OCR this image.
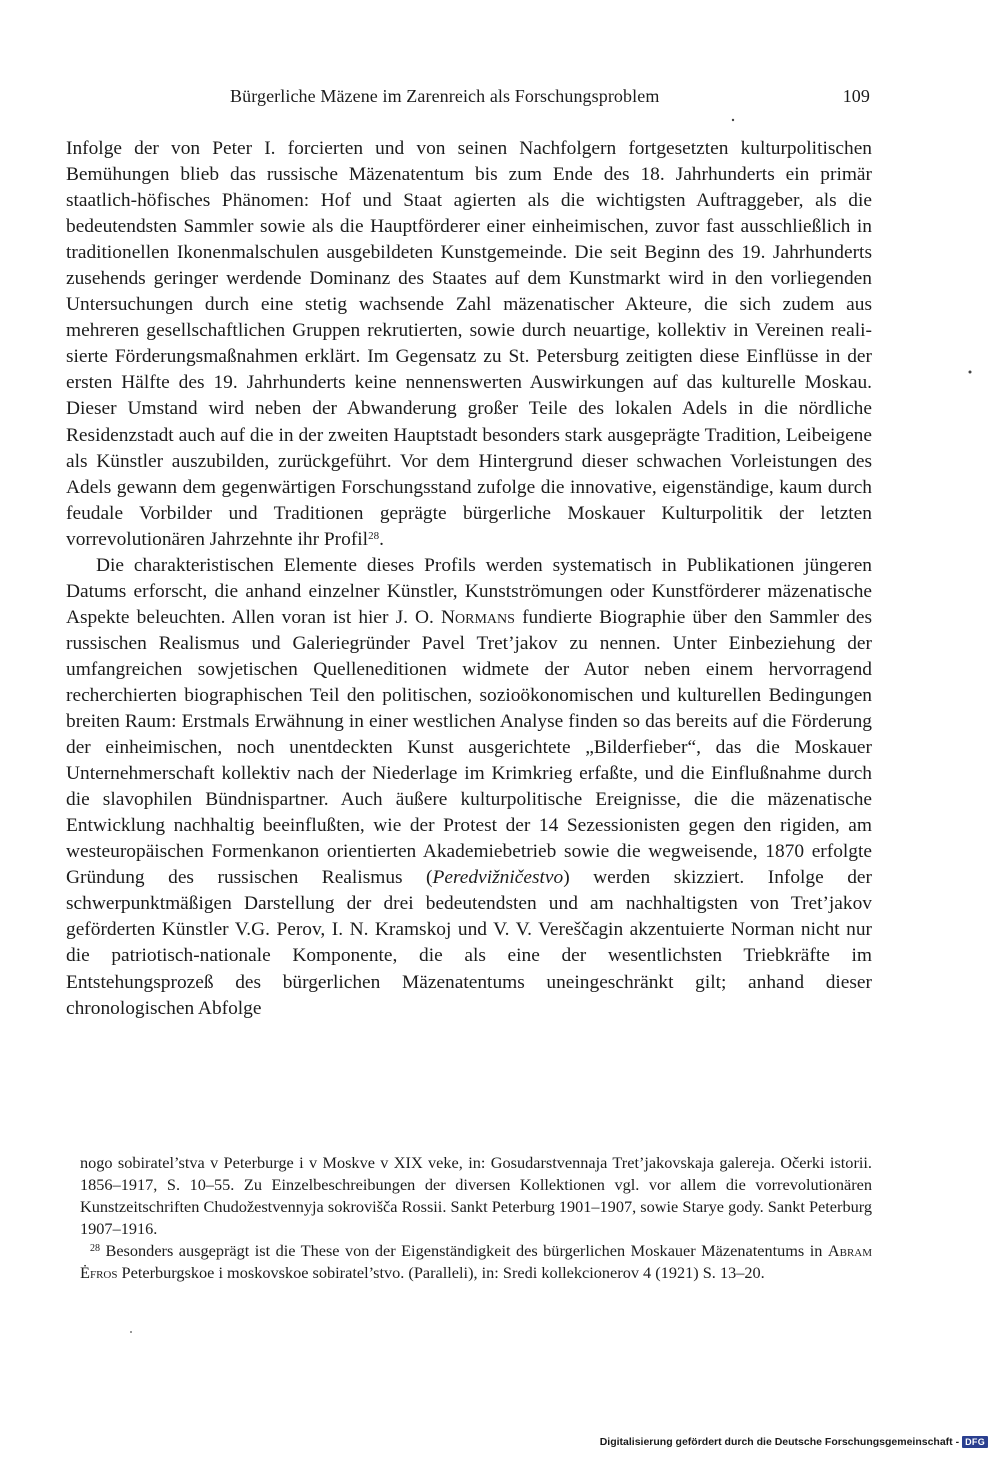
Bürgerliche Mäzene im Zarenreich als Forschungsproblem	109

Infolge der von Peter I. forcierten und von seinen Nachfolgern fortgesetzten kulturpolitischen Bemühungen blieb das russische Mäzenatentum bis zum Ende des 18. Jahrhunderts ein primär staatlich-höfisches Phänomen: Hof und Staat agierten als die wichtigsten Auftraggeber, als die bedeutendsten Sammler sowie als die Hauptförderer einer einheimischen, zuvor fast ausschließlich in traditionellen Ikonenmalschulen ausgebildeten Kunstgemeinde. Die seit Beginn des 19. Jahrhunderts zusehends geringer werdende Dominanz des Staates auf dem Kunstmarkt wird in den vorliegenden Untersuchungen durch eine stetig wachsende Zahl mäzenatischer Akteure, die sich zudem aus mehreren gesellschaftlichen Gruppen rekrutierten, sowie durch neuartige, kollektiv in Vereinen realisierte Förderungsmaßnahmen erklärt. Im Gegensatz zu St. Petersburg zeitigten diese Einflüsse in der ersten Hälfte des 19. Jahrhunderts keine nennenswerten Auswirkungen auf das kulturelle Moskau. Dieser Umstand wird neben der Abwanderung großer Teile des lokalen Adels in die nördliche Residenzstadt auch auf die in der zweiten Hauptstadt besonders stark ausgeprägte Tradition, Leibeigene als Künstler auszubilden, zurückgeführt. Vor dem Hintergrund dieser schwachen Vorleistungen des Adels gewann dem gegenwärtigen Forschungsstand zufolge die innovative, eigenständige, kaum durch feudale Vorbilder und Traditionen geprägte bürgerliche Moskauer Kulturpolitik der letzten vorrevolutionären Jahrzehnte ihr Profil$^{28}$.

Die charakteristischen Elemente dieses Profils werden systematisch in Publikationen jüngeren Datums erforscht, die anhand einzelner Künstler, Kunstströmungen oder Kunstförderer mäzenatische Aspekte beleuchten. Allen voran ist hier J. O. Normans fundierte Biographie über den Sammler des russischen Realismus und Galeriegründer Pavel Tret’jakov zu nennen. Unter Einbeziehung der umfangreichen sowjetischen Quelleneditionen widmete der Autor neben einem hervorragend recherchierten biographischen Teil den politischen, sozioökonomischen und kulturellen Bedingungen breiten Raum: Erstmals Erwähnung in einer westlichen Analyse finden so das bereits auf die Förderung der einheimischen, noch unentdeckten Kunst ausgerichtete „Bilderfieber“, das die Moskauer Unternehmerschaft kollektiv nach der Niederlage im Krimkrieg erfaßte, und die Einflußnahme durch die slavophilen Bündnispartner. Auch äußere kulturpolitische Ereignisse, die die mäzenatische Entwicklung nachhaltig beeinflußten, wie der Protest der 14 Sezessionisten gegen den rigiden, am westeuropäischen Formenkanon orientierten Akademiebetrieb sowie die wegweisende, 1870 erfolgte Gründung des russischen Realismus (Peredvižničestvo) werden skizziert. Infolge der schwerpunktmäßigen Darstellung der drei bedeutendsten und am nachhaltigsten von Tret’jakov geförderten Künstler V.G. Perov, I. N. Kramskoj und V. V. Vereščagin akzentuierte Norman nicht nur die patriotisch-nationale Komponente, die als eine der wesentlichsten Triebkräfte im Entstehungsprozeß des bürgerlichen Mäzenatentums uneingeschränkt gilt; anhand dieser chronologischen Abfolge

nogo sobiratel’stva v Peterburge i v Moskve v XIX veke, in: Gosudarstvennaja Tret’jakovskaja galereja. Očerki istorii. 1856–1917, S. 10–55. Zu Einzelbeschreibungen der diversen Kollektionen vgl. vor allem die vorrevolutionären Kunstzeitschriften Chudožestvennyja sokrovišča Rossii. Sankt Peterburg 1901–1907, sowie Starye gody. Sankt Peterburg 1907–1916.

$^{28}$ Besonders ausgeprägt ist die These von der Eigenständigkeit des bürgerlichen Moskauer Mäzenatentums in Abram Ėfros Peterburgskoe i moskovskoe sobiratel’stvo. (Paralleli), in: Sredi kollekcionerov 4 (1921) S. 13–20.

Digitalisierung gefördert durch die Deutsche Forschungsgemeinschaft - DFG
